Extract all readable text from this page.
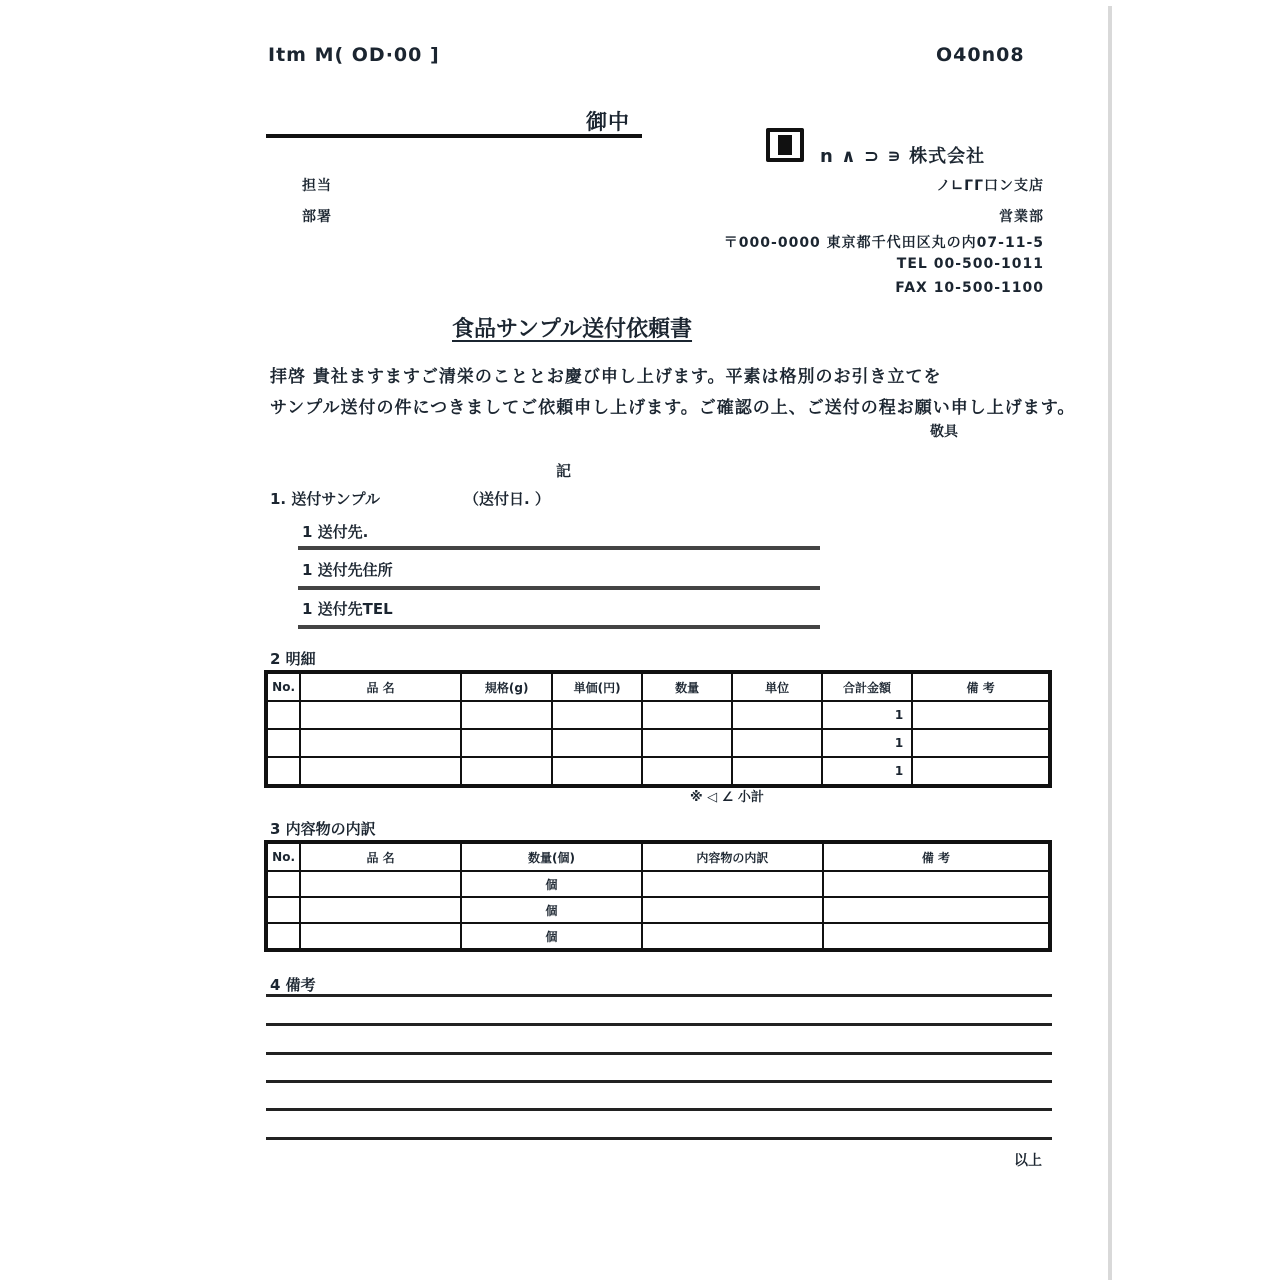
Itm M( OD·00 ]	O40n08
御中
担当
部署
n ∧ ⊃ ∍ 株式会社
ノ∟ГΓ口ン支店
営業部
〒000-0000 東京都千代田区丸の内07-11-5
TEL 00-500-1011
FAX 10-500-1100
食品サンプル送付依頼書
拝啓 貴社ますますご清栄のこととお慶び申し上げます。平素は格別のお引き立てを
サンプル送付の件につきましてご依頼申し上げます。ご確認の上、ご送付の程お願い申し上げます。
敬具
記
1. 送付サンプル	（送付日. ）
1 送付先.
1 送付先住所
1 送付先TEL
2 明細
No.	品 名	規格(g)	単価(円)	数量	単位	合計金額	備 考
						1	
						1	
						1	
※ ◁ ∠ 小計
3 内容物の内訳
No.	品 名	数量(個)	内容物の内訳	備 考
		個		
		個		
		個		
4 備考
以上
